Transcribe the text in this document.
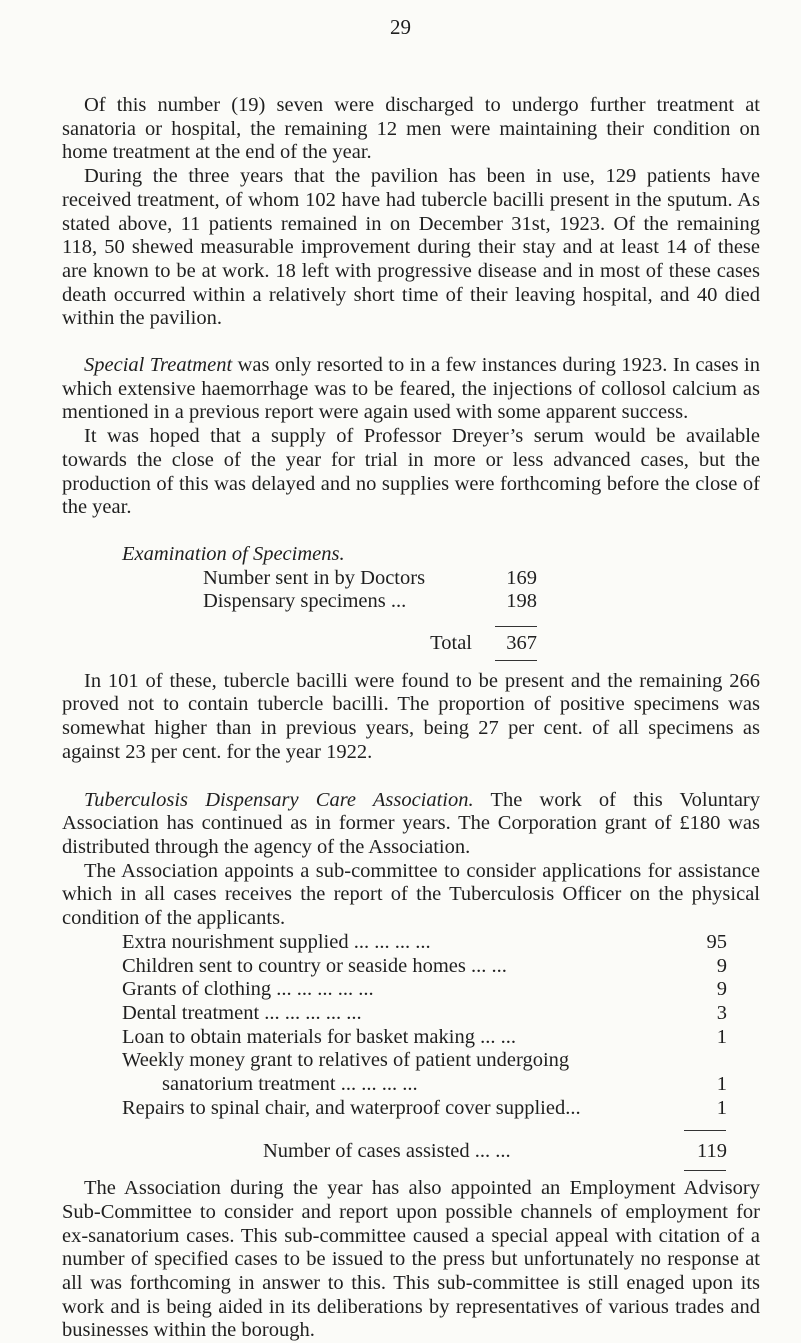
29

Of this number (19) seven were discharged to undergo further treatment at sanatoria or hospital, the remaining 12 men were maintaining their condition on home treatment at the end of the year.

During the three years that the pavilion has been in use, 129 patients have received treatment, of whom 102 have had tubercle bacilli present in the sputum. As stated above, 11 patients remained in on December 31st, 1923. Of the remaining 118, 50 shewed measurable improvement during their stay and at least 14 of these are known to be at work. 18 left with progressive disease and in most of these cases death occurred within a relatively short time of their leaving hospital, and 40 died within the pavilion.

Special Treatment was only resorted to in a few instances during 1923. In cases in which extensive haemorrhage was to be feared, the injections of collosol calcium as mentioned in a previous report were again used with some apparent success.

It was hoped that a supply of Professor Dreyer’s serum would be available towards the close of the year for trial in more or less advanced cases, but the production of this was delayed and no supplies were forthcoming before the close of the year.

Examination of Specimens.
Number sent in by Doctors	169
Dispensary specimens ...	198
Total	367

In 101 of these, tubercle bacilli were found to be present and the remaining 266 proved not to contain tubercle bacilli. The proportion of positive specimens was somewhat higher than in previous years, being 27 per cent. of all specimens as against 23 per cent. for the year 1922.

Tuberculosis Dispensary Care Association. The work of this Voluntary Association has continued as in former years. The Corporation grant of £180 was distributed through the agency of the Association.

The Association appoints a sub-committee to consider applications for assistance which in all cases receives the report of the Tuberculosis Officer on the physical condition of the applicants.

Extra nourishment supplied ... ... ... ...	95
Children sent to country or seaside homes ... ...	9
Grants of clothing ... ... ... ... ...	9
Dental treatment ... ... ... ... ...	3
Loan to obtain materials for basket making ... ...	1
Weekly money grant to relatives of patient undergoing
sanatorium treatment ... ... ... ...	1
Repairs to spinal chair, and waterproof cover supplied...	1
Number of cases assisted ... ...	119

The Association during the year has also appointed an Employment Advisory Sub-Committee to consider and report upon possible channels of employment for ex-sanatorium cases. This sub-committee caused a special appeal with citation of a number of specified cases to be issued to the press but unfortunately no response at all was forthcoming in answer to this. This sub-committee is still enaged upon its work and is being aided in its deliberations by representatives of various trades and businesses within the borough.
